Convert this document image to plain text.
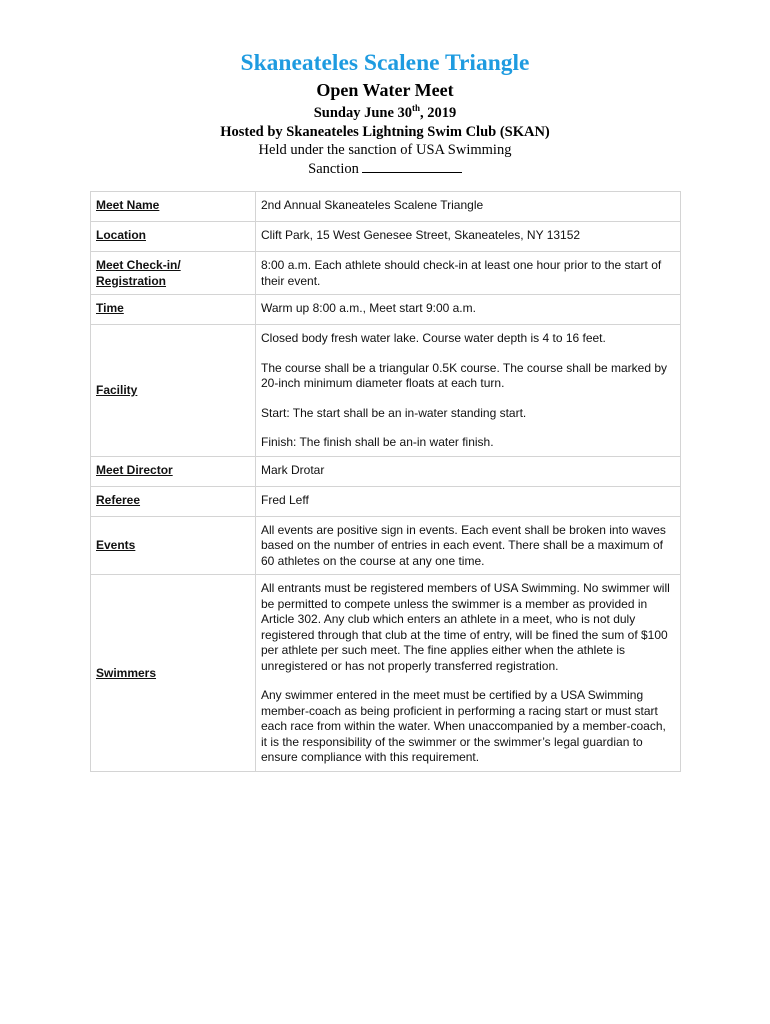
Skaneateles Scalene Triangle
Open Water Meet
Sunday June 30th, 2019
Hosted by Skaneateles Lightning Swim Club (SKAN)
Held under the sanction of USA Swimming
Sanction
Meet Name	2nd Annual Skaneateles Scalene Triangle
Location	Clift Park, 15 West Genesee Street, Skaneateles, NY 13152
Meet Check-in/ Registration	8:00 a.m. Each athlete should check-in at least one hour prior to the start of their event.
Time	Warm up 8:00 a.m., Meet start 9:00 a.m.
Facility	Closed body fresh water lake. Course water depth is 4 to 16 feet.
The course shall be a triangular 0.5K course. The course shall be marked by 20-inch minimum diameter floats at each turn.
Start: The start shall be an in-water standing start.
Finish: The finish shall be an-in water finish.

Meet Director	Mark Drotar
Referee	Fred Leff
Events	All events are positive sign in events. Each event shall be broken into waves based on the number of entries in each event. There shall be a maximum of 60 athletes on the course at any one time.
Swimmers	All entrants must be registered members of USA Swimming. No swimmer will be permitted to compete unless the swimmer is a member as provided in Article 302. Any club which enters an athlete in a meet, who is not duly registered through that club at the time of entry, will be fined the sum of $100 per athlete per such meet. The fine applies either when the athlete is unregistered or has not properly transferred registration.
Any swimmer entered in the meet must be certified by a USA Swimming member-coach as being proficient in performing a racing start or must start each race from within the water. When unaccompanied by a member-coach, it is the responsibility of the swimmer or the swimmer’s legal guardian to ensure compliance with this requirement.
